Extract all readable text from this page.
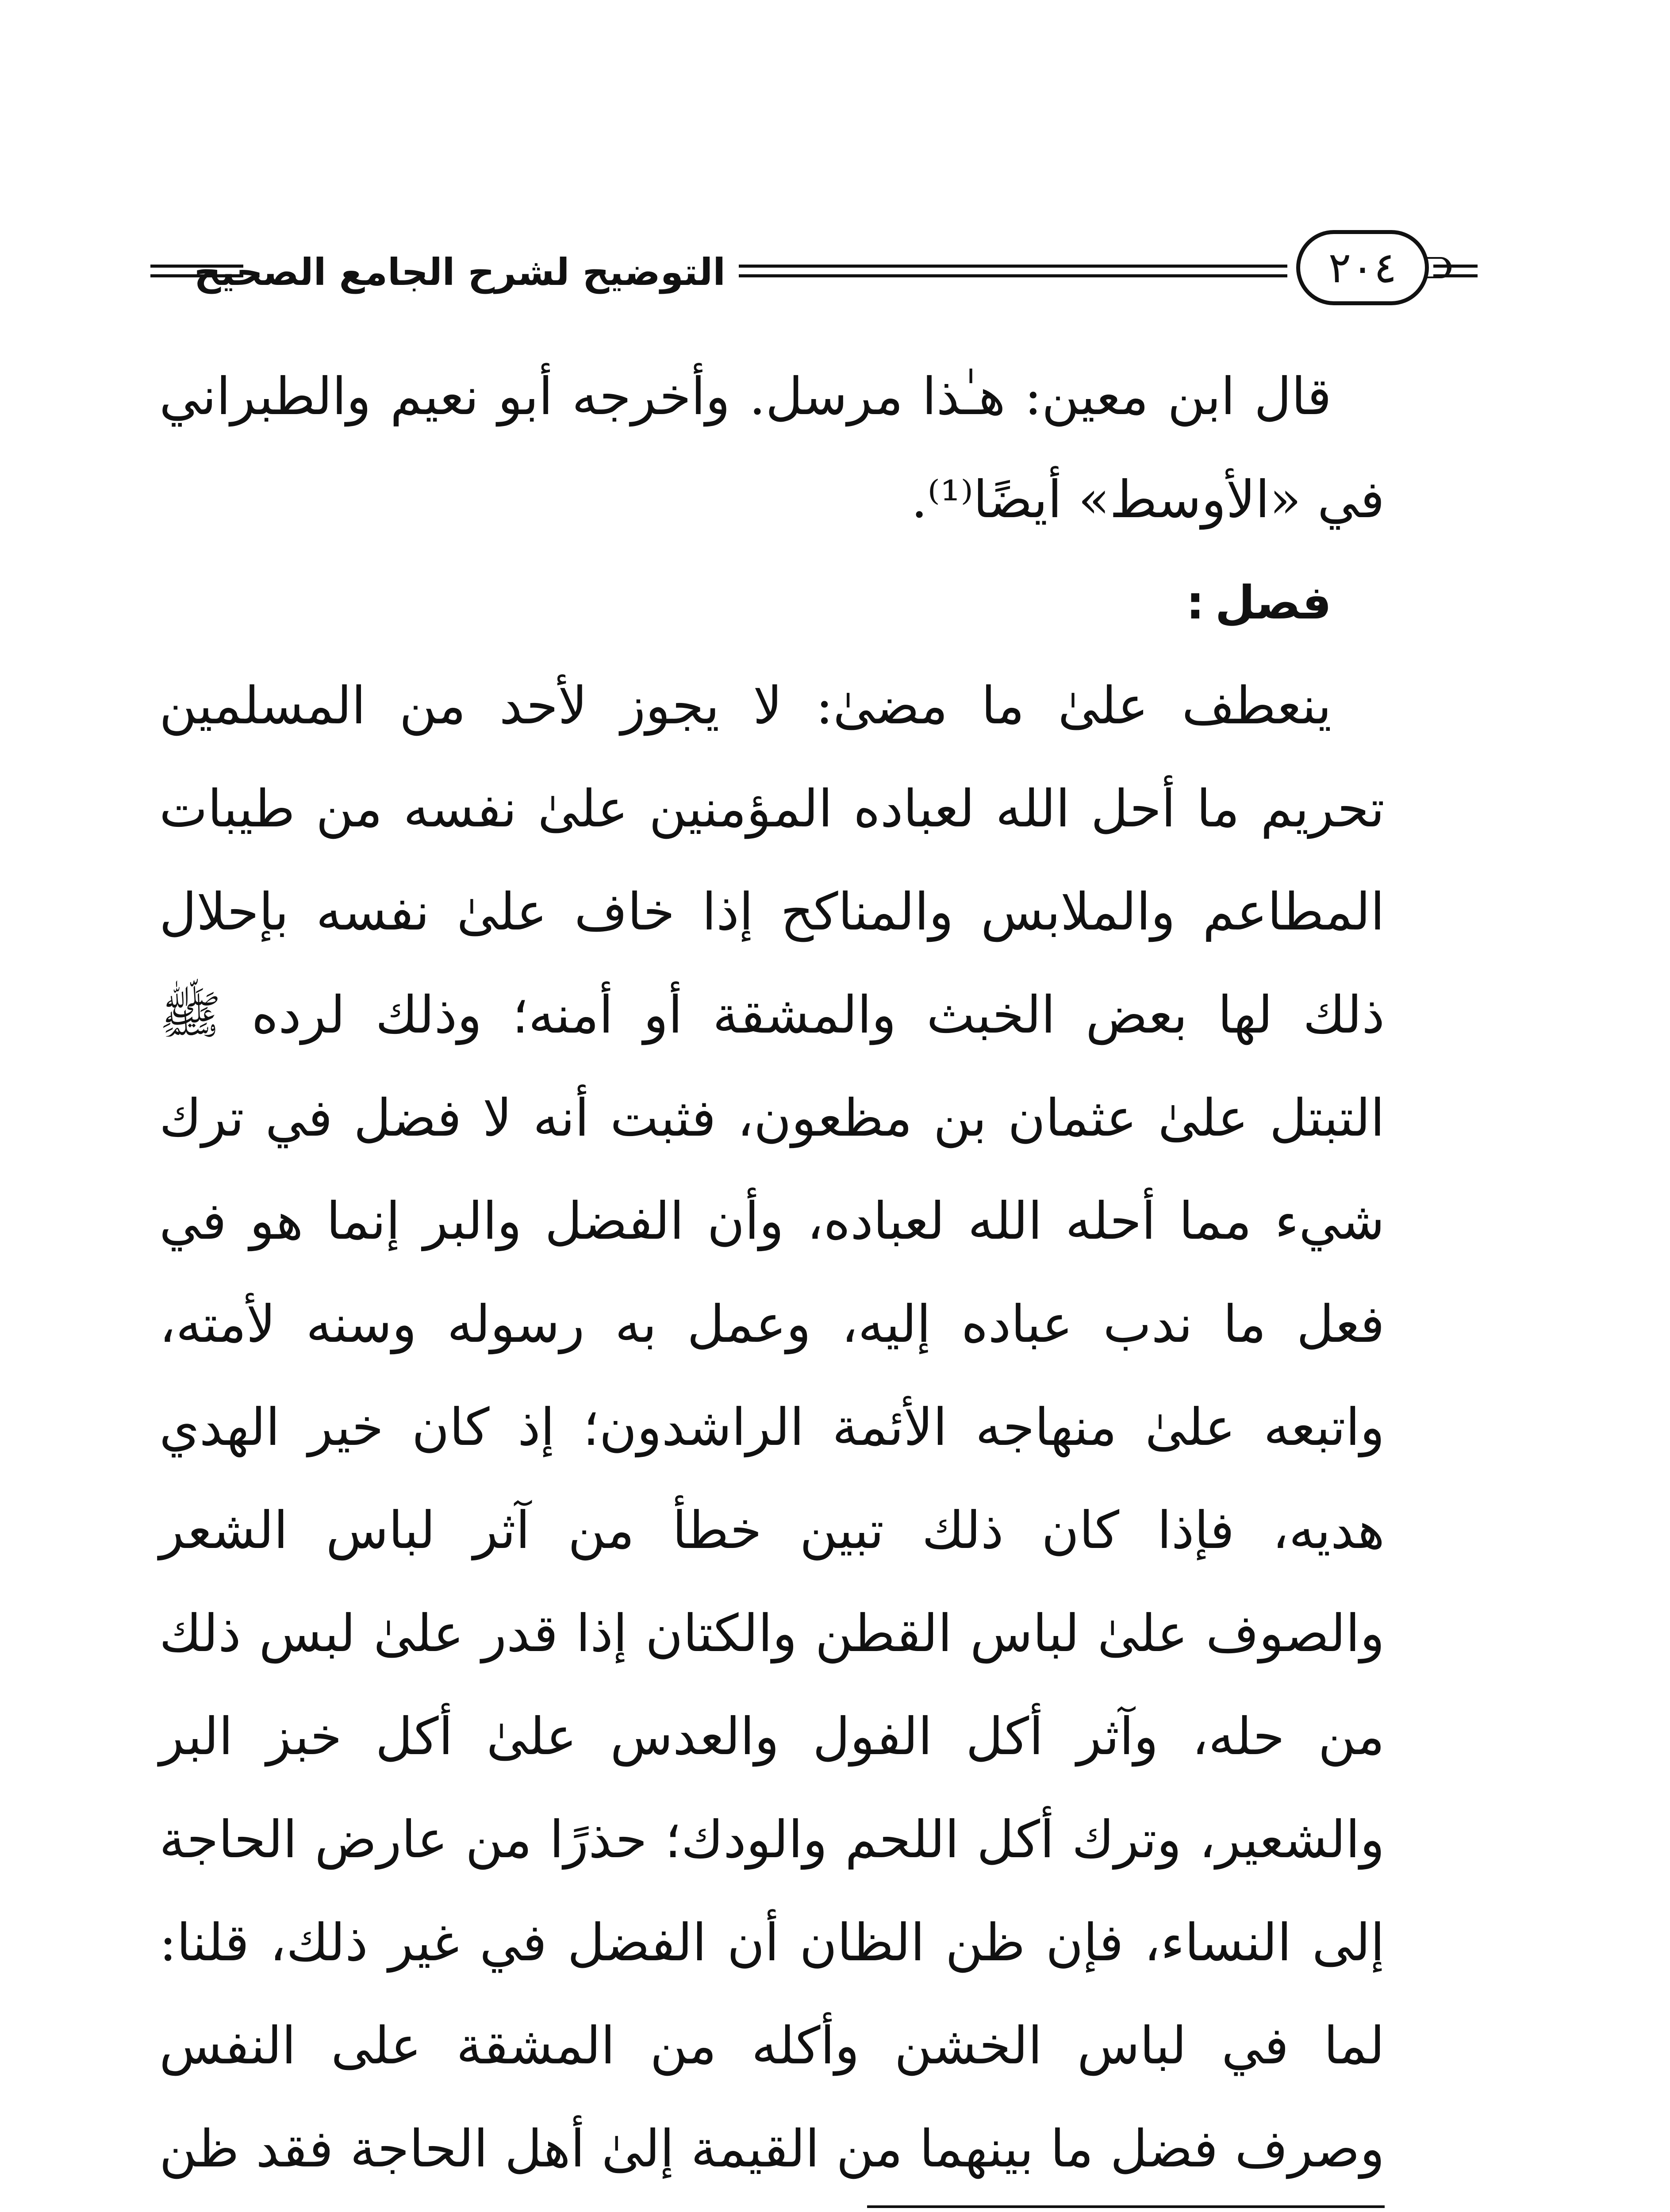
التوضيح لشرح الجامع الصحيح	٢٠٤

قال ابن معين: هـٰذا مرسل. وأخرجه أبو نعيم والطبراني في «الأوسط» أيضًا⁽¹⁾.

فصل:

ينعطف علىٰ ما مضىٰ: لا يجوز لأحد من المسلمين تحريم ما أحل الله لعباده المؤمنين علىٰ نفسه من طيبات المطاعم والملابس والمناكح إذا خاف علىٰ نفسه بإحلال ذلك لها بعض الخبث والمشقة أو أمنه؛ وذلك لرده ﷺ التبتل علىٰ عثمان بن مظعون، فثبت أنه لا فضل في ترك شيء مما أحله الله لعباده، وأن الفضل والبر إنما هو في فعل ما ندب عباده إليه، وعمل به رسوله وسنه لأمته، واتبعه علىٰ منهاجه الأئمة الراشدون؛ إذ كان خير الهدي هديه، فإذا كان ذلك تبين خطأ من آثر لباس الشعر والصوف علىٰ لباس القطن والكتان إذا قدر علىٰ لبس ذلك من حله، وآثر أكل الفول والعدس علىٰ أكل خبز البر والشعير، وترك أكل اللحم والودك؛ حذرًا من عارض الحاجة إلى النساء، فإن ظن الظان أن الفضل في غير ذلك، قلنا: لما في لباس الخشن وأكله من المشقة على النفس وصرف فضل ما بينهما من القيمة إلىٰ أهل الحاجة فقد ظن
